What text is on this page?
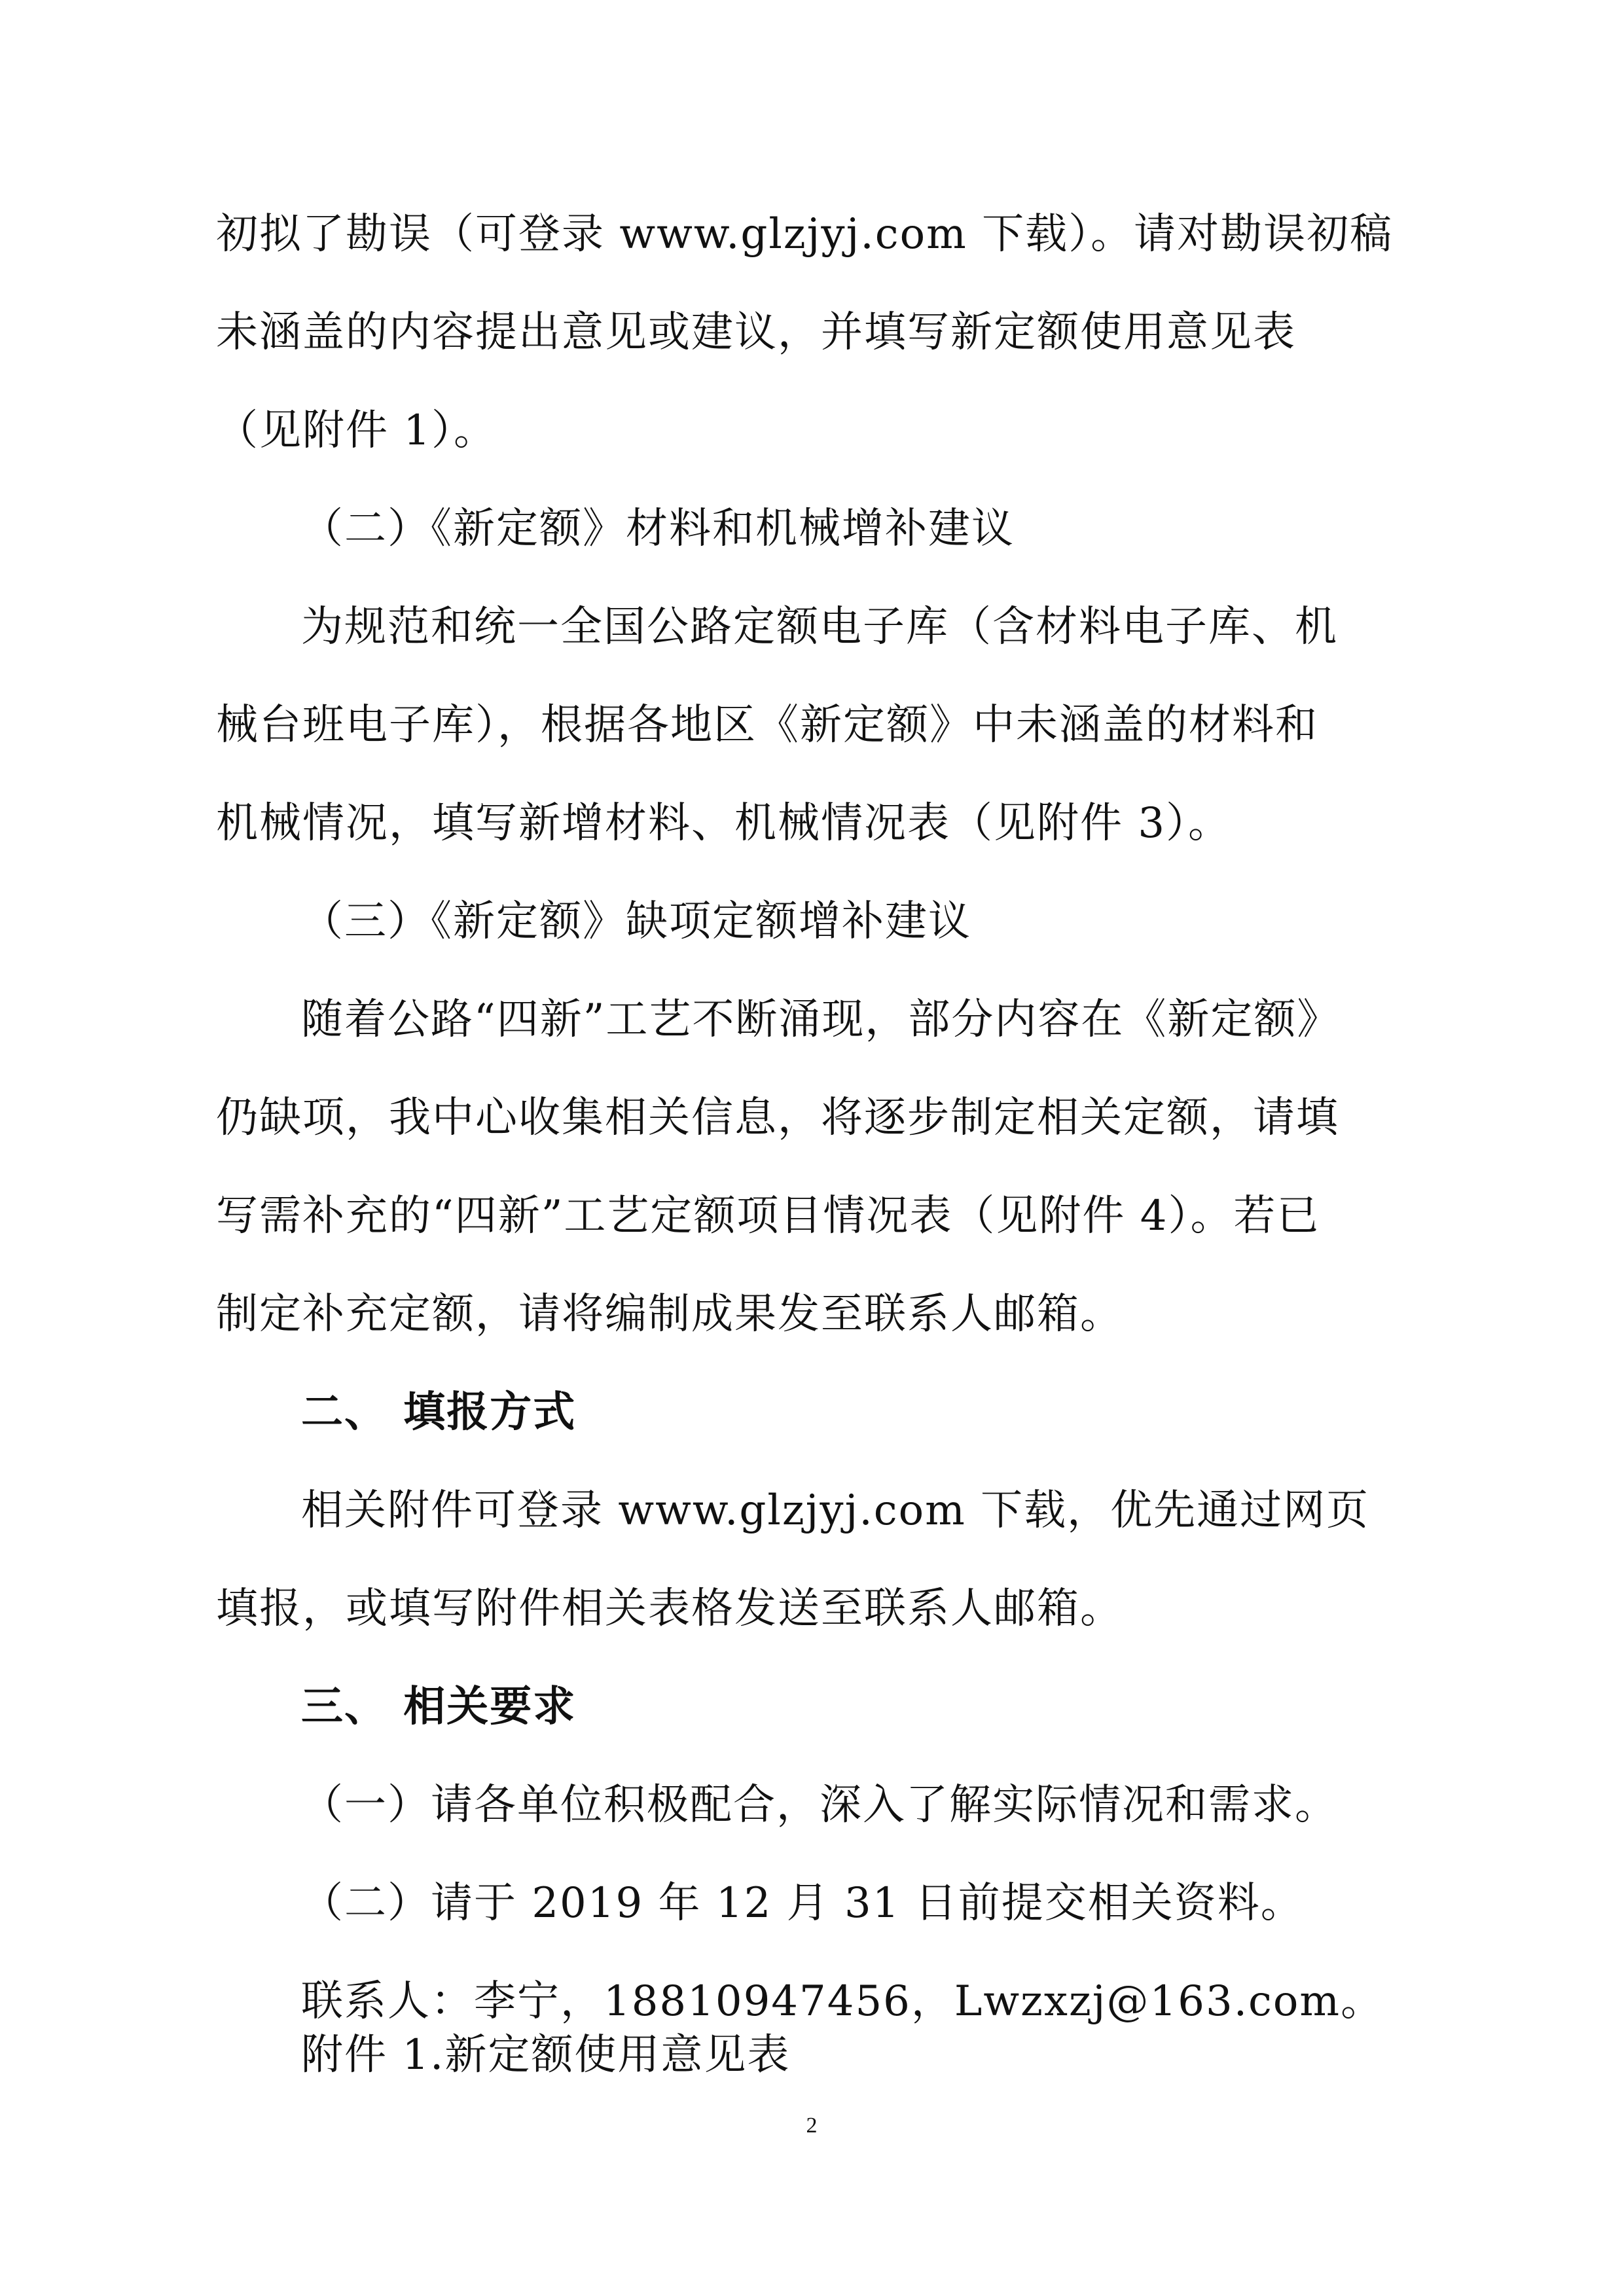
初拟了勘误（可登录 www.glzjyj.com 下载）。请对勘误初稿

未涵盖的内容提出意见或建议，并填写新定额使用意见表

（见附件 1）。

（二）《新定额》材料和机械增补建议

为规范和统一全国公路定额电子库（含材料电子库、机

械台班电子库），根据各地区《新定额》中未涵盖的材料和

机械情况，填写新增材料、机械情况表（见附件 3）。

（三）《新定额》缺项定额增补建议

随着公路“四新”工艺不断涌现，部分内容在《新定额》

仍缺项，我中心收集相关信息，将逐步制定相关定额，请填

写需补充的“四新”工艺定额项目情况表（见附件 4）。若已

制定补充定额，请将编制成果发至联系人邮箱。

二、 填报方式

相关附件可登录 www.glzjyj.com 下载，优先通过网页

填报，或填写附件相关表格发送至联系人邮箱。

三、 相关要求

（一）请各单位积极配合，深入了解实际情况和需求。

（二）请于 2019 年 12 月 31 日前提交相关资料。

联系人：李宁，18810947456，Lwzxzj@163.com。

附件 1.新定额使用意见表

2
